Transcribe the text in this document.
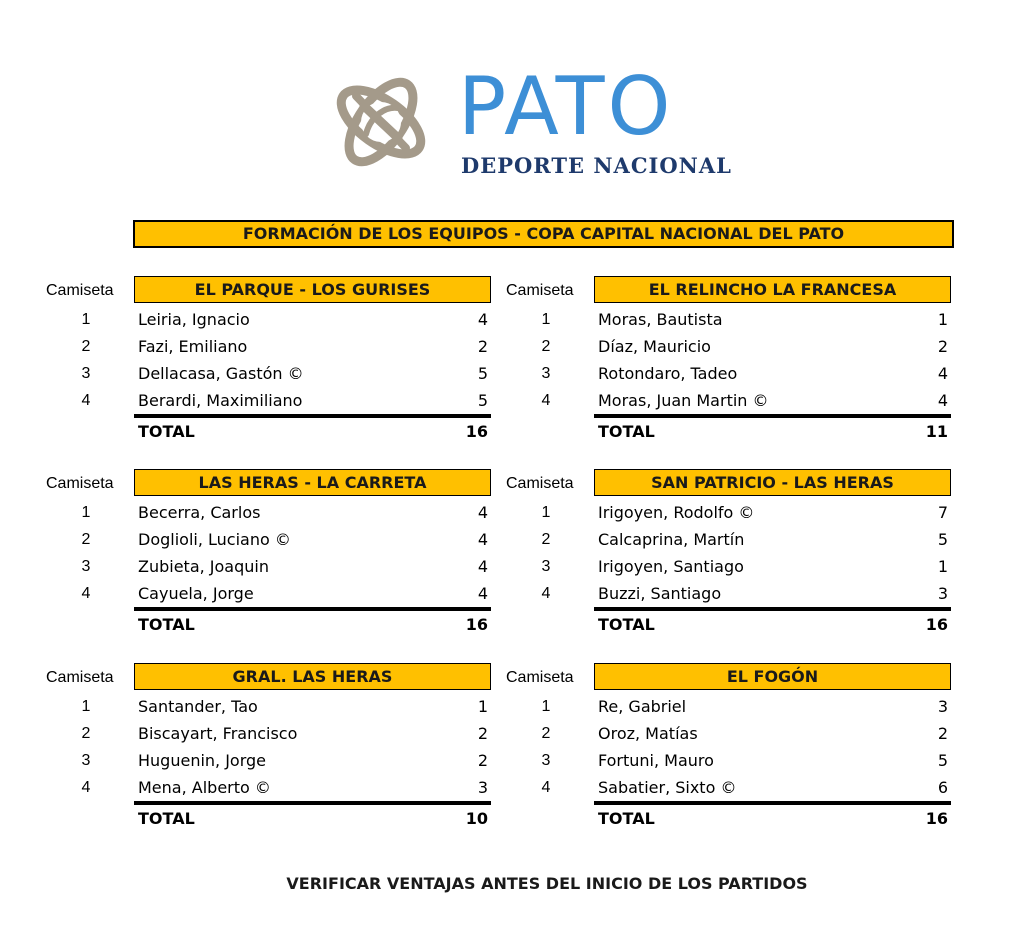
PATO
DEPORTE NACIONAL
FORMACIÓN DE LOS EQUIPOS - COPA CAPITAL NACIONAL DEL PATO
Camiseta	EL PARQUE - LOS GURISES
1	Leiria, Ignacio	4
2	Fazi, Emiliano	2
3	Dellacasa, Gastón ©	5
4	Berardi, Maximiliano	5
TOTAL	16
Camiseta	EL RELINCHO LA FRANCESA
1	Moras, Bautista	1
2	Díaz, Mauricio	2
3	Rotondaro, Tadeo	4
4	Moras, Juan Martin ©	4
TOTAL	11
Camiseta	LAS HERAS - LA CARRETA
1	Becerra, Carlos	4
2	Doglioli, Luciano ©	4
3	Zubieta, Joaquin	4
4	Cayuela, Jorge	4
TOTAL	16
Camiseta	SAN PATRICIO - LAS HERAS
1	Irigoyen, Rodolfo ©	7
2	Calcaprina, Martín	5
3	Irigoyen, Santiago	1
4	Buzzi, Santiago	3
TOTAL	16
Camiseta	GRAL. LAS HERAS
1	Santander, Tao	1
2	Biscayart, Francisco	2
3	Huguenin, Jorge	2
4	Mena, Alberto ©	3
TOTAL	10
Camiseta	EL FOGÓN
1	Re, Gabriel	3
2	Oroz, Matías	2
3	Fortuni, Mauro	5
4	Sabatier, Sixto ©	6
TOTAL	16
VERIFICAR VENTAJAS ANTES DEL INICIO DE LOS PARTIDOS
